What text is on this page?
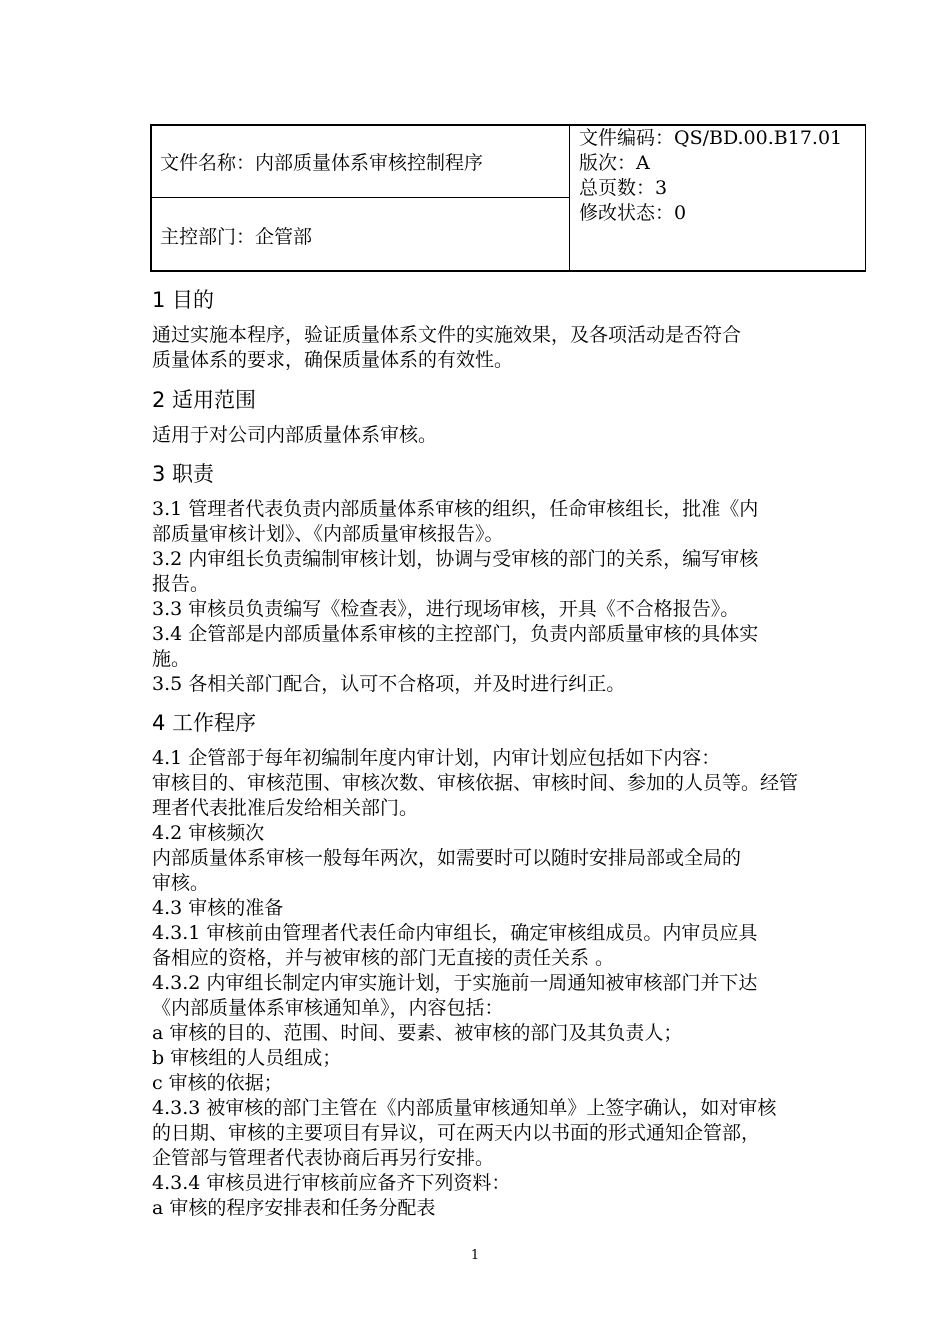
文件名称：内部质量体系审核控制程序
主控部门：企管部
文件编码：QS/BD.00.B17.01
版次：A
总页数：3
修改状态：0
1 目的
通过实施本程序，验证质量体系文件的实施效果，及各项活动是否符合
质量体系的要求，确保质量体系的有效性。
2 适用范围
适用于对公司内部质量体系审核。
3 职责
3.1 管理者代表负责内部质量体系审核的组织，任命审核组长，批准《内
部质量审核计划》、《内部质量审核报告》。
3.2 内审组长负责编制审核计划，协调与受审核的部门的关系，编写审核
报告。
3.3 审核员负责编写《检查表》，进行现场审核，开具《不合格报告》。
3.4 企管部是内部质量体系审核的主控部门，负责内部质量审核的具体实
施。
3.5 各相关部门配合，认可不合格项，并及时进行纠正。
4 工作程序
4.1 企管部于每年初编制年度内审计划，内审计划应包括如下内容：
审核目的、审核范围、审核次数、审核依据、审核时间、参加的人员等。经管
理者代表批准后发给相关部门。
4.2 审核频次
内部质量体系审核一般每年两次，如需要时可以随时安排局部或全局的
审核。
4.3 审核的准备
4.3.1 审核前由管理者代表任命内审组长，确定审核组成员。内审员应具
备相应的资格，并与被审核的部门无直接的责任关系 。
4.3.2 内审组长制定内审实施计划，于实施前一周通知被审核部门并下达
《内部质量体系审核通知单》，内容包括：
a 审核的目的、范围、时间、要素、被审核的部门及其负责人；
b 审核组的人员组成；
c 审核的依据；
4.3.3 被审核的部门主管在《内部质量审核通知单》上签字确认，如对审核
的日期、审核的主要项目有异议，可在两天内以书面的形式通知企管部，
企管部与管理者代表协商后再另行安排。
4.3.4 审核员进行审核前应备齐下列资料：
a 审核的程序安排表和任务分配表
1
